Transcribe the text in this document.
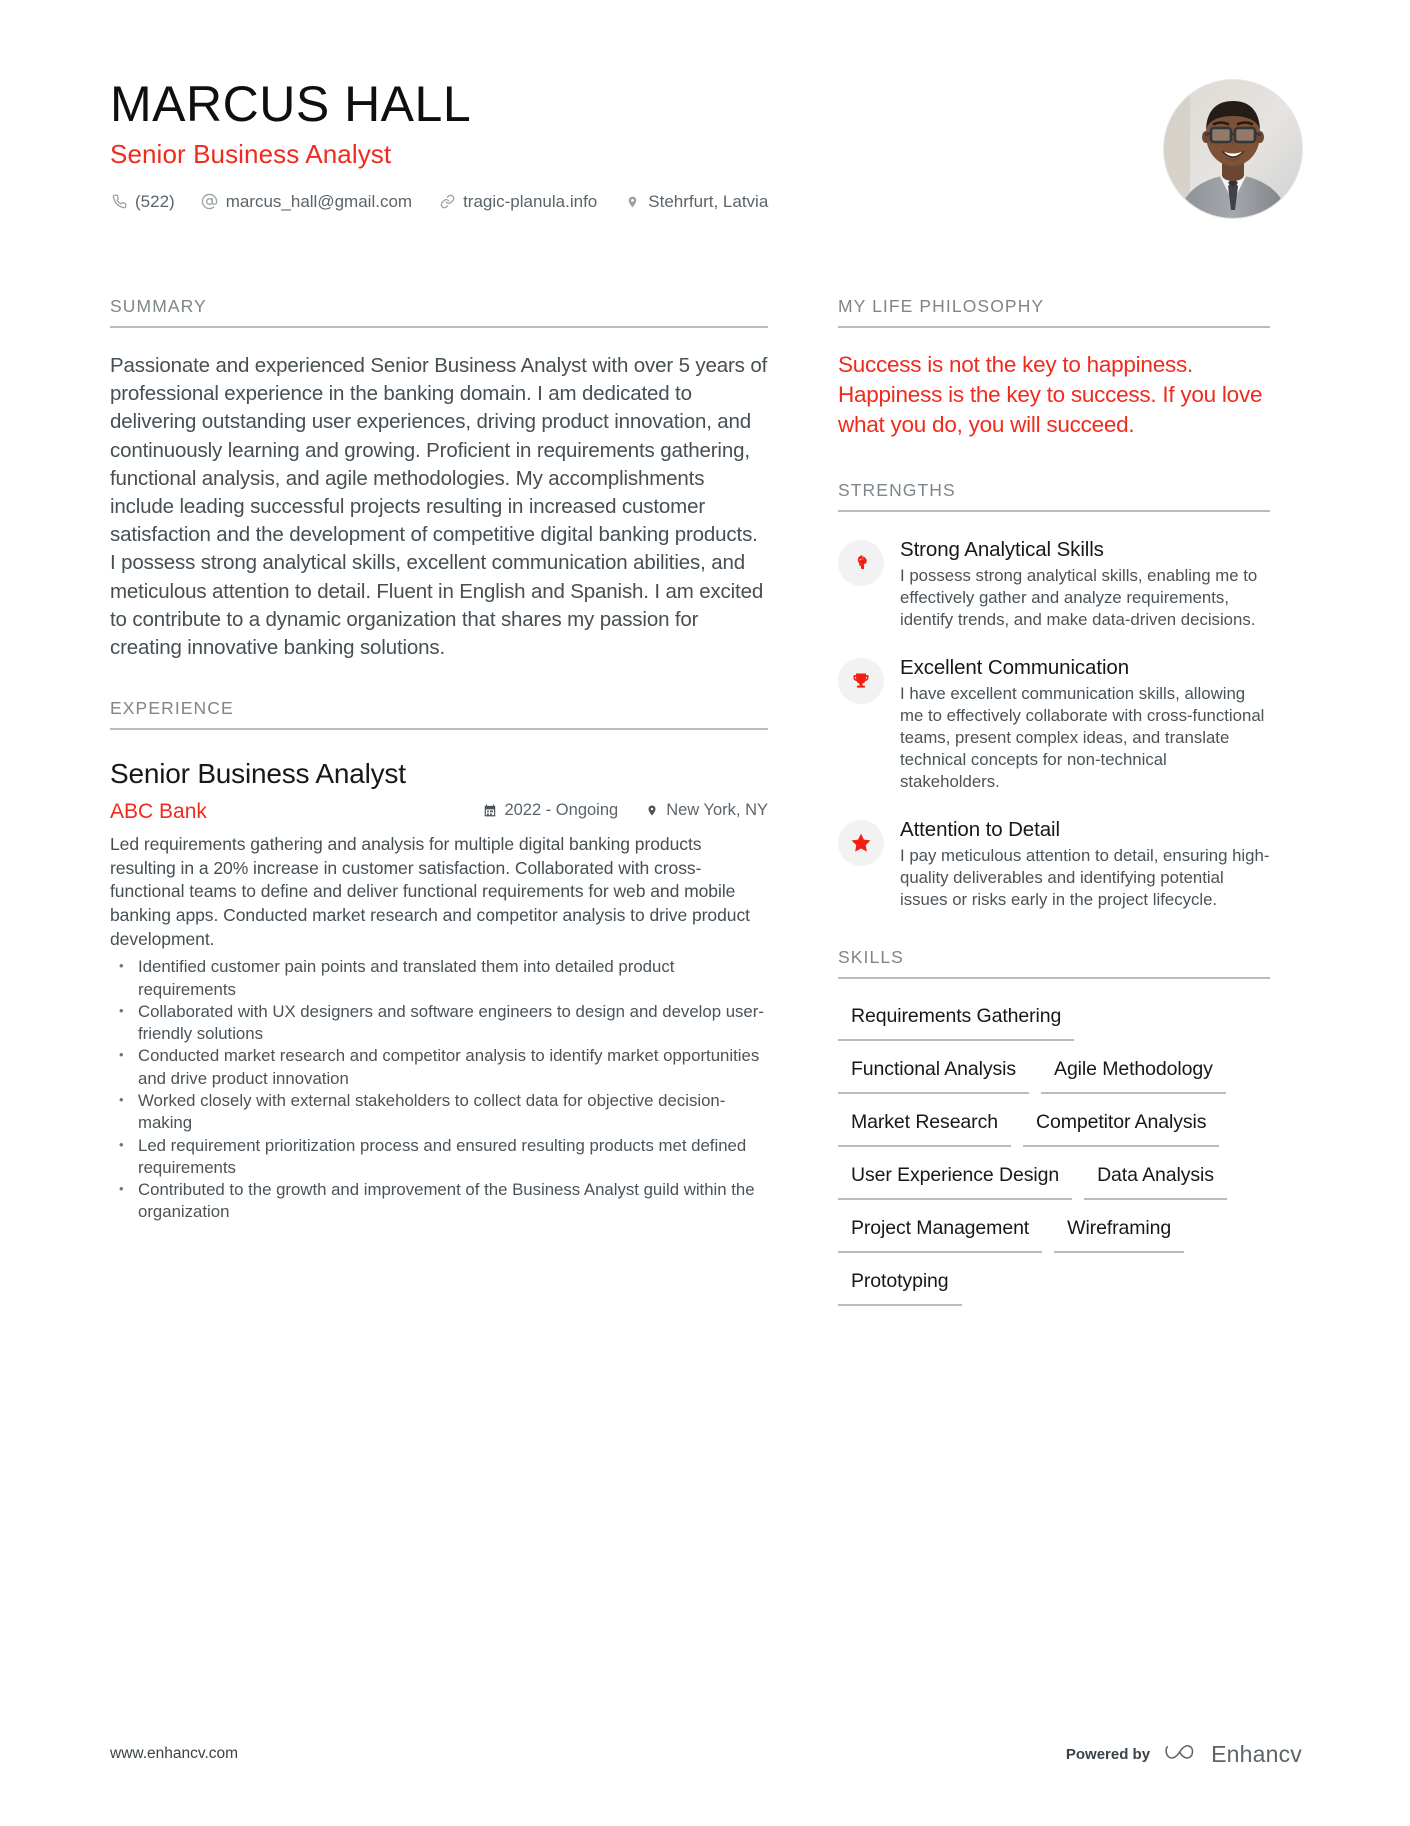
MARCUS HALL
Senior Business Analyst
(522)	marcus_hall@gmail.com	tragic-planula.info	Stehrfurt, Latvia
SUMMARY
Passionate and experienced Senior Business Analyst with over 5 years of professional experience in the banking domain. I am dedicated to delivering outstanding user experiences, driving product innovation, and continuously learning and growing. Proficient in requirements gathering, functional analysis, and agile methodologies. My accomplishments include leading successful projects resulting in increased customer satisfaction and the development of competitive digital banking products. I possess strong analytical skills, excellent communication abilities, and meticulous attention to detail. Fluent in English and Spanish. I am excited to contribute to a dynamic organization that shares my passion for creating innovative banking solutions.
EXPERIENCE
Senior Business Analyst
ABC Bank	2022 - Ongoing	New York, NY
Led requirements gathering and analysis for multiple digital banking products resulting in a 20% increase in customer satisfaction. Collaborated with cross-functional teams to define and deliver functional requirements for web and mobile banking apps. Conducted market research and competitor analysis to drive product development.
• Identified customer pain points and translated them into detailed product requirements
• Collaborated with UX designers and software engineers to design and develop user-friendly solutions
• Conducted market research and competitor analysis to identify market opportunities and drive product innovation
• Worked closely with external stakeholders to collect data for objective decision-making
• Led requirement prioritization process and ensured resulting products met defined requirements
• Contributed to the growth and improvement of the Business Analyst guild within the organization
MY LIFE PHILOSOPHY
Success is not the key to happiness. Happiness is the key to success. If you love what you do, you will succeed.
STRENGTHS
Strong Analytical Skills
I possess strong analytical skills, enabling me to effectively gather and analyze requirements, identify trends, and make data-driven decisions.
Excellent Communication
I have excellent communication skills, allowing me to effectively collaborate with cross-functional teams, present complex ideas, and translate technical concepts for non-technical stakeholders.
Attention to Detail
I pay meticulous attention to detail, ensuring high-quality deliverables and identifying potential issues or risks early in the project lifecycle.
SKILLS
Requirements Gathering
Functional Analysis	Agile Methodology
Market Research	Competitor Analysis
User Experience Design	Data Analysis
Project Management	Wireframing
Prototyping
www.enhancv.com	Powered by	Enhancv
